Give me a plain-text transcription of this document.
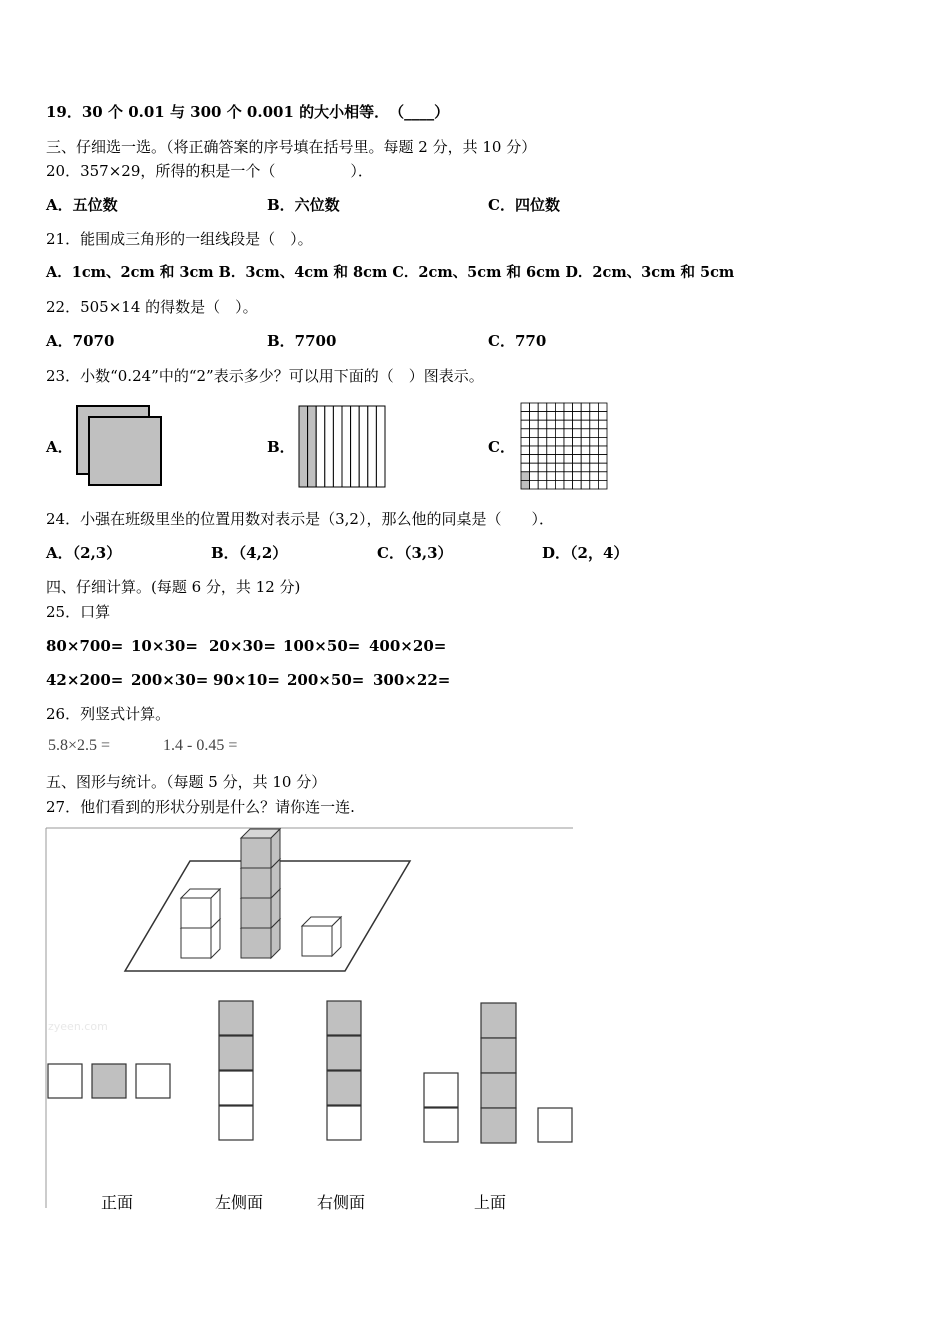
19．30 个 0.01 与 300 个 0.001 的大小相等．　（____）
三、仔细选一选。（将正确答案的序号填在括号里。每题 2 分，共 10 分）
20．357×29，所得的积是一个（　　　　　）．
A．五位数	B．六位数	C．四位数
21．能围成三角形的一组线段是（　）。
A．1cm、2cm 和 3cm B．3cm、4cm 和 8cm C．2cm、5cm 和 6cm D．2cm、3cm 和 5cm
22．505×14 的得数是（　）。
A．7070	B．7700	C．770
23．小数“0.24”中的“2”表示多少？可以用下面的（　）图表示。
A．	B．	C．
24．小强在班级里坐的位置用数对表示是（3,2），那么他的同桌是（　　）．
A．（2,3）	B．（4,2）	C．（3,3）	D．（2，4）
四、仔细计算。(每题 6 分，共 12 分)
25．口算
80×700= 10×30= 20×30= 100×50= 400×20=
42×200= 200×30= 90×10= 200×50= 300×22=
26．列竖式计算。
5.8×2.5 =	1.4 - 0.45 =
五、图形与统计。（每题 5 分，共 10 分）
27．他们看到的形状分别是什么？请你连一连.
zyeen.com
正面	左侧面	右侧面	上面
